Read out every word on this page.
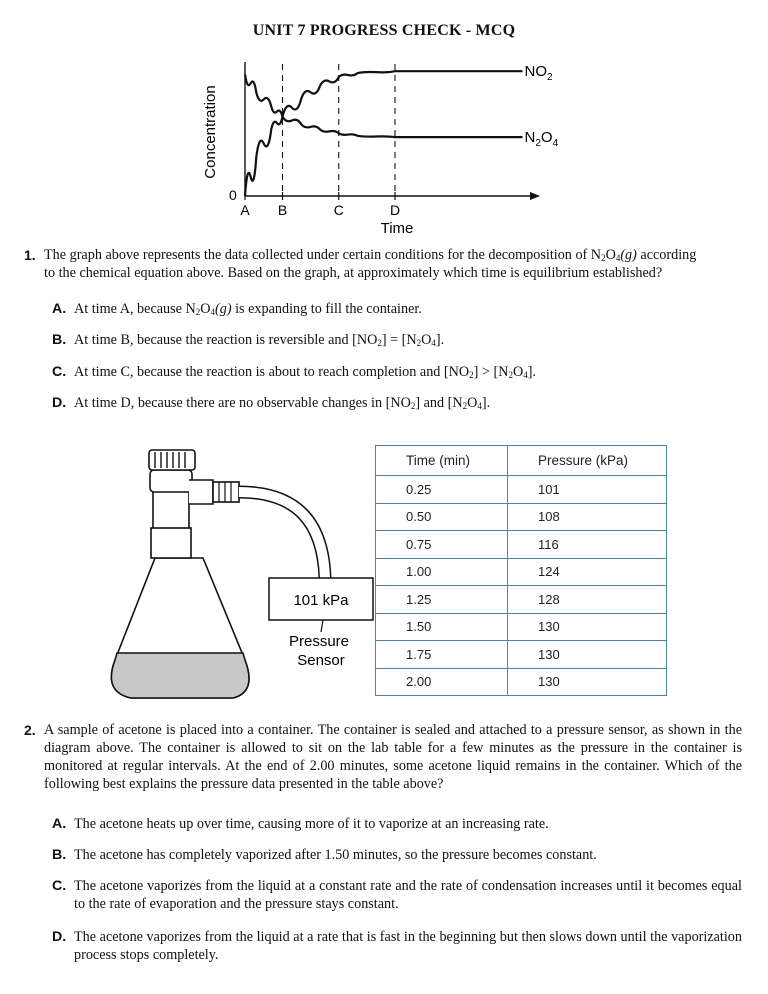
UNIT 7 PROGRESS CHECK - MCQ
Concentration
Time
0
A B	C	D
$NO_2$
$N_2O_4$
1. The graph above represents the data collected under certain conditions for the decomposition of $N_2O_4(g)$ according
to the chemical equation above. Based on the graph, at approximately which time is equilibrium established?
A. At time A, because $N_2O_4(g)$ is expanding to fill the container.
B. At time B, because the reaction is reversible and $[NO_2] = [N_2O_4]$.
C. At time C, because the reaction is about to reach completion and $[NO_2] > [N_2O_4]$.
D. At time D, because there are no observable changes in $[NO_2]$ and $[N_2O_4]$.
101 kPa
Pressure
Sensor
Time (min)	Pressure (kPa)
0.25	101
0.50	108
0.75	116
1.00	124
1.25	128
1.50	130
1.75	130
2.00	130
2. A sample of acetone is placed into a container. The container is sealed and attached to a pressure sensor, as shown in the diagram above. The container is allowed to sit on the lab table for a few minutes as the pressure in the container is monitored at regular intervals. At the end of 2.00 minutes, some acetone liquid remains in the container. Which of the following best explains the pressure data presented in the table above?
A. The acetone heats up over time, causing more of it to vaporize at an increasing rate.
B. The acetone has completely vaporized after 1.50 minutes, so the pressure becomes constant.
C. The acetone vaporizes from the liquid at a constant rate and the rate of condensation increases until it becomes equal to the rate of evaporation and the pressure stays constant.
D. The acetone vaporizes from the liquid at a rate that is fast in the beginning but then slows down until the vaporization process stops completely.
